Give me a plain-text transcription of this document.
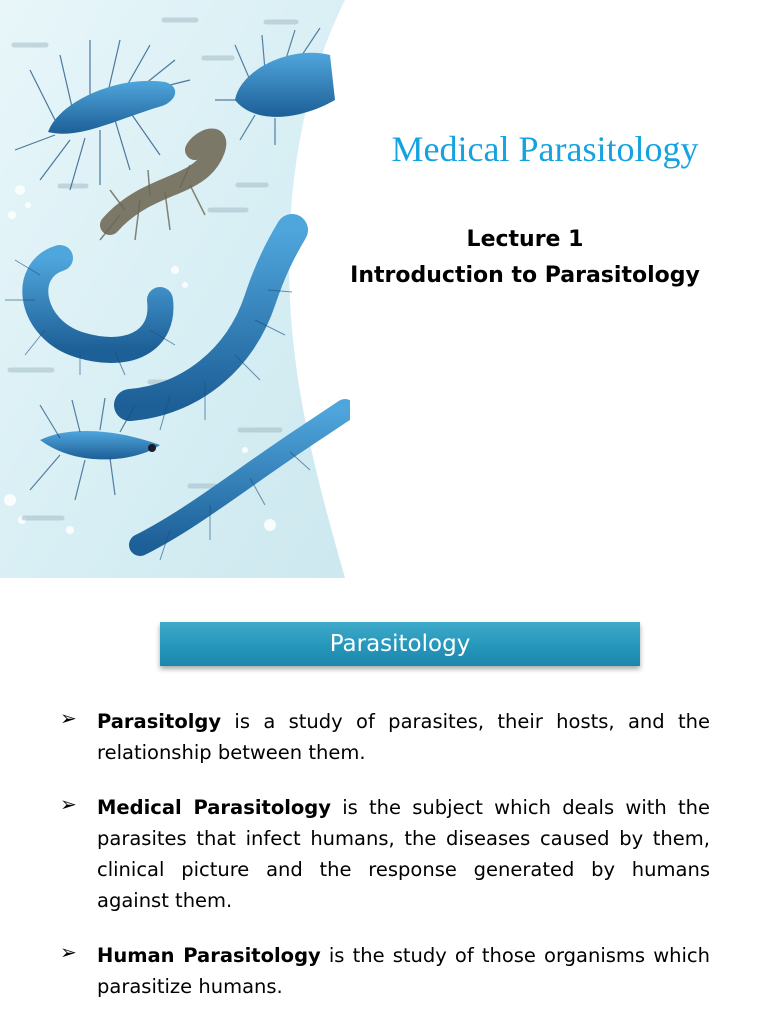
Medical Parasitology
Lecture 1
Introduction to Parasitology
Parasitology
➢ Parasitolgy is a study of parasites, their hosts, and the relationship between them.

➢ Medical Parasitology is the subject which deals with the parasites that infect humans, the diseases caused by them, clinical picture and the response generated by humans against them.

➢ Human Parasitology is the study of those organisms which parasitize humans.
